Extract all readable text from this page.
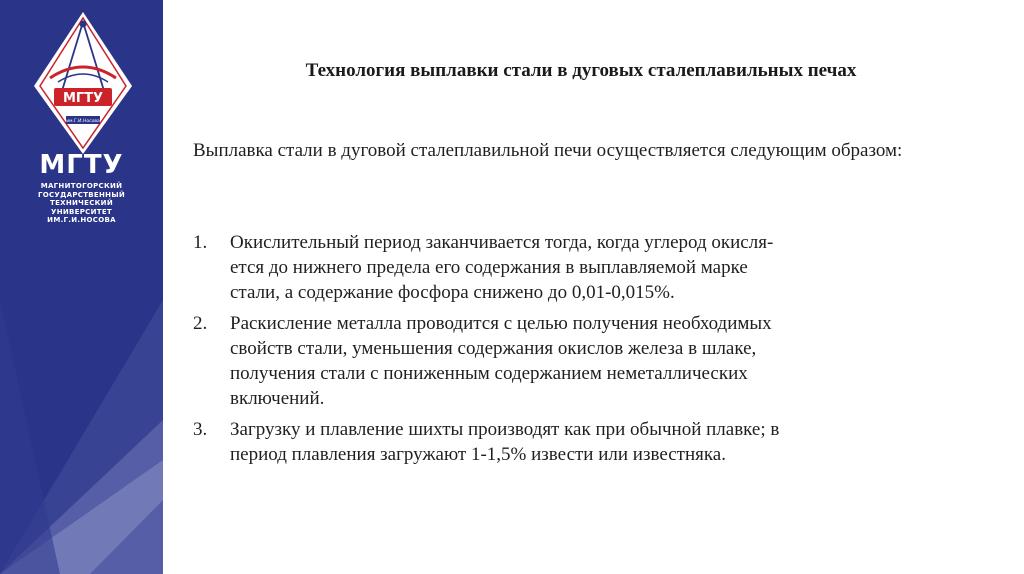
МГТУ
им.Г.И.Носова
МГТУ
МАГНИТОГОРСКИЙ
ГОСУДАРСТВЕННЫЙ
ТЕХНИЧЕСКИЙ
УНИВЕРСИТЕТ
ИМ.Г.И.НОСОВА
Технология выплавки стали в дуговых сталеплавильных печах
Выплавка стали в дуговой сталеплавильной печи осуществляется следующим образом:
1.	Окислительный период заканчивается тогда, когда углерод окисля-ется до нижнего предела его содержания в выплавляемой марке стали, а содержание фосфора снижено до 0,01-0,015%.
2.	Раскисление металла проводится с целью получения необходимых свойств стали, уменьшения содержания окислов железа в шлаке, получения стали с пониженным содержанием неметаллических включений.
3.	Загрузку и плавление шихты производят как при обычной плавке; в период плавления загружают 1-1,5% извести или известняка.
